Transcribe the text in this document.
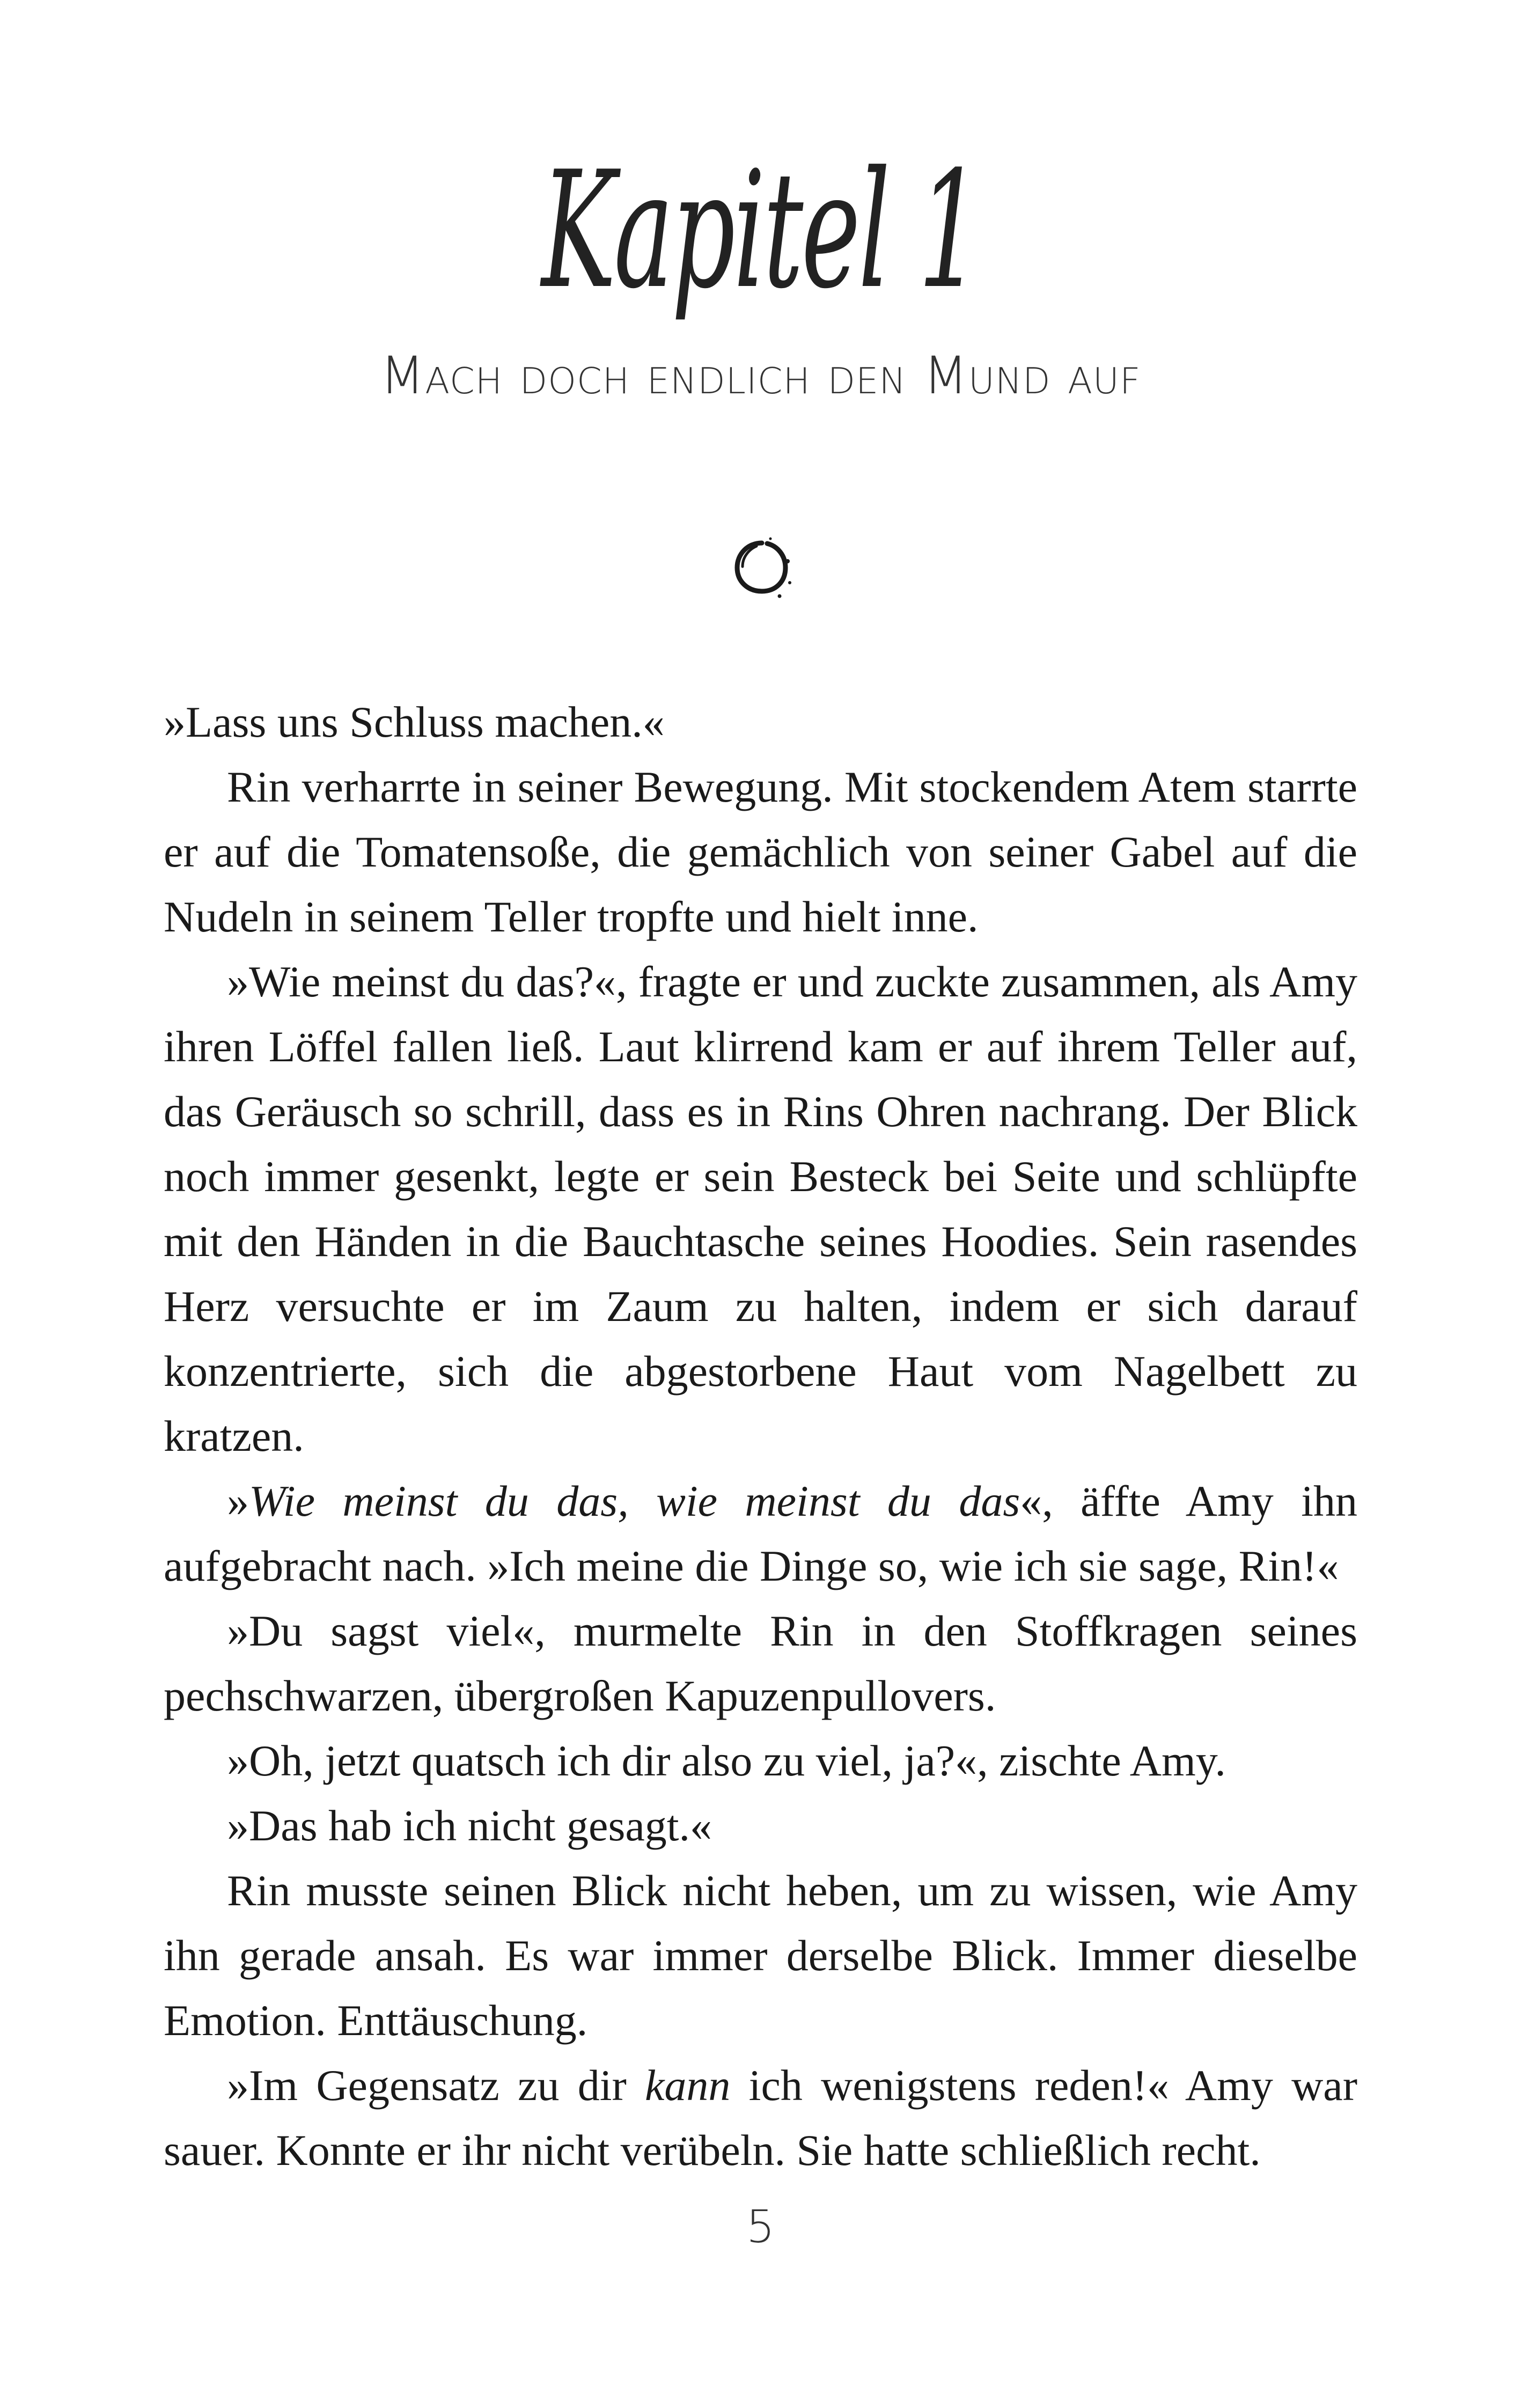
Kapitel 1
Mach doch endlich den Mund auf

»Lass uns Schluss machen.«

Rin verharrte in seiner Bewegung. Mit stockendem Atem starrte er auf die Tomatensoße, die gemächlich von seiner Gabel auf die Nudeln in seinem Teller tropfte und hielt inne.

»Wie meinst du das?«, fragte er und zuckte zusammen, als Amy ihren Löffel fallen ließ. Laut klirrend kam er auf ihrem Teller auf, das Geräusch so schrill, dass es in Rins Ohren nachrang. Der Blick noch immer gesenkt, legte er sein Besteck bei Seite und schlüpfte mit den Händen in die Bauchtasche seines Hoodies. Sein rasendes Herz versuchte er im Zaum zu halten, indem er sich darauf konzentrierte, sich die abgestorbene Haut vom Nagelbett zu kratzen.

»Wie meinst du das, wie meinst du das«, äffte Amy ihn aufgebracht nach. »Ich meine die Dinge so, wie ich sie sage, Rin!«

»Du sagst viel«, murmelte Rin in den Stoffkragen seines pechschwarzen, übergroßen Kapuzenpullovers.

»Oh, jetzt quatsch ich dir also zu viel, ja?«, zischte Amy.

»Das hab ich nicht gesagt.«

Rin musste seinen Blick nicht heben, um zu wissen, wie Amy ihn gerade ansah. Es war immer derselbe Blick. Immer dieselbe Emotion. Enttäuschung.

»Im Gegensatz zu dir kann ich wenigstens reden!« Amy war sauer. Konnte er ihr nicht verübeln. Sie hatte schließlich recht.

5
